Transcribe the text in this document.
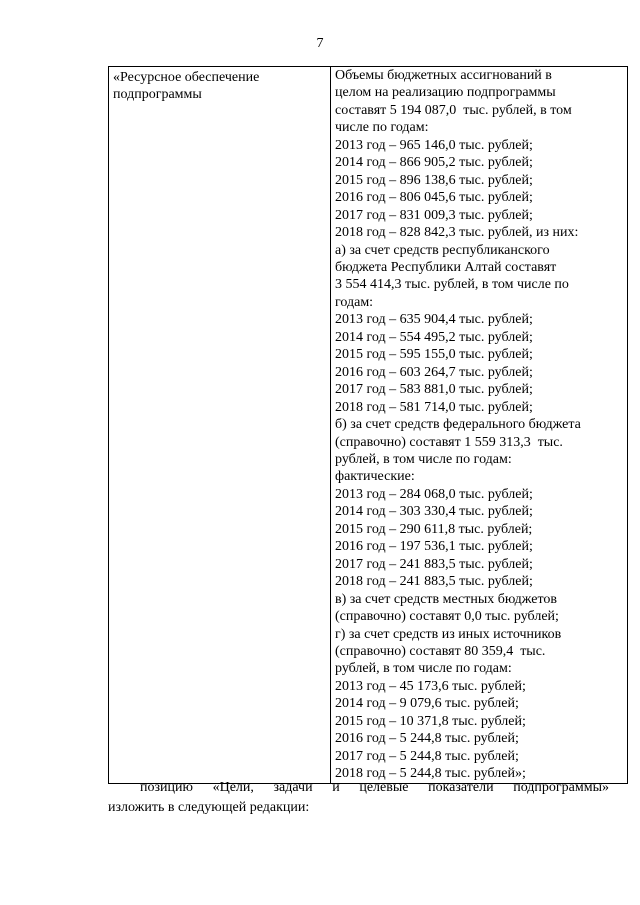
7
«Ресурсное обеспечение
подпрограммы

Объемы бюджетных ассигнований в
целом на реализацию подпрограммы
составят 5 194 087,0  тыс. рублей, в том
числе по годам:
2013 год – 965 146,0 тыс. рублей;
2014 год – 866 905,2 тыс. рублей;
2015 год – 896 138,6 тыс. рублей;
2016 год – 806 045,6 тыс. рублей;
2017 год – 831 009,3 тыс. рублей;
2018 год – 828 842,3 тыс. рублей, из них:
а) за счет средств республиканского
бюджета Республики Алтай составят
3 554 414,3 тыс. рублей, в том числе по
годам:
2013 год – 635 904,4 тыс. рублей;
2014 год – 554 495,2 тыс. рублей;
2015 год – 595 155,0 тыс. рублей;
2016 год – 603 264,7 тыс. рублей;
2017 год – 583 881,0 тыс. рублей;
2018 год – 581 714,0 тыс. рублей;
б) за счет средств федерального бюджета
(справочно) составят 1 559 313,3  тыс.
рублей, в том числе по годам:
фактические:
2013 год – 284 068,0 тыс. рублей;
2014 год – 303 330,4 тыс. рублей;
2015 год – 290 611,8 тыс. рублей;
2016 год – 197 536,1 тыс. рублей;
2017 год – 241 883,5 тыс. рублей;
2018 год – 241 883,5 тыс. рублей;
в) за счет средств местных бюджетов
(справочно) составят 0,0 тыс. рублей;
г) за счет средств из иных источников
(справочно) составят 80 359,4  тыс.
рублей, в том числе по годам:
2013 год – 45 173,6 тыс. рублей;
2014 год – 9 079,6 тыс. рублей;
2015 год – 10 371,8 тыс. рублей;
2016 год – 5 244,8 тыс. рублей;
2017 год – 5 244,8 тыс. рублей;
2018 год – 5 244,8 тыс. рублей»;
позицию «Цели, задачи и целевые показатели подпрограммы»
изложить в следующей редакции:
